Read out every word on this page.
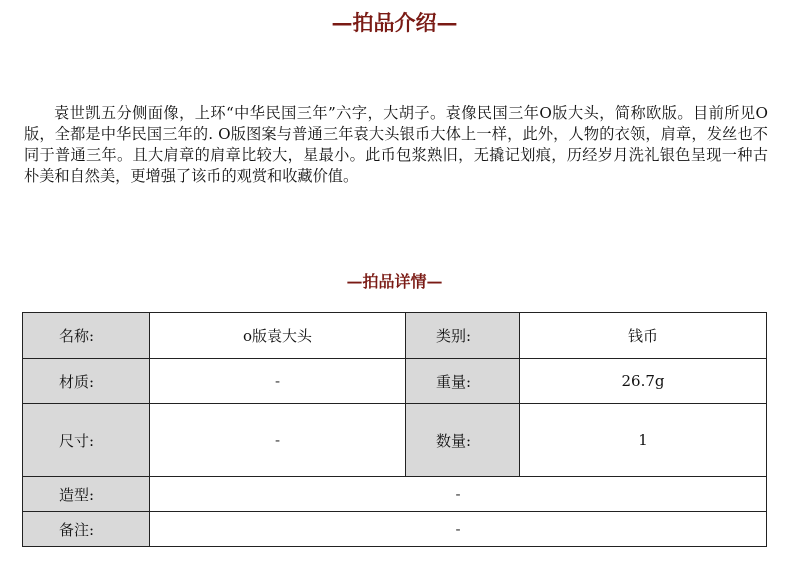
—拍品介绍—

袁世凯五分侧面像，上环“中华民国三年”六字，大胡子。袁像民国三年O版大头，简称欧版。目前所见O版，全都是中华民国三年的. O版图案与普通三年袁大头银币大体上一样，此外，人物的衣领，肩章，发丝也不同于普通三年。且大肩章的肩章比较大，星最小。此币包浆熟旧，无撬记划痕，历经岁月洗礼银色呈现一种古朴美和自然美，更增强了该币的观赏和收藏价值。

—拍品详情—
名称:	o版袁大头	类别:	钱币
材质:	-	重量:	26.7g
尺寸:	-	数量:	1
造型:	-		
备注:	-		
